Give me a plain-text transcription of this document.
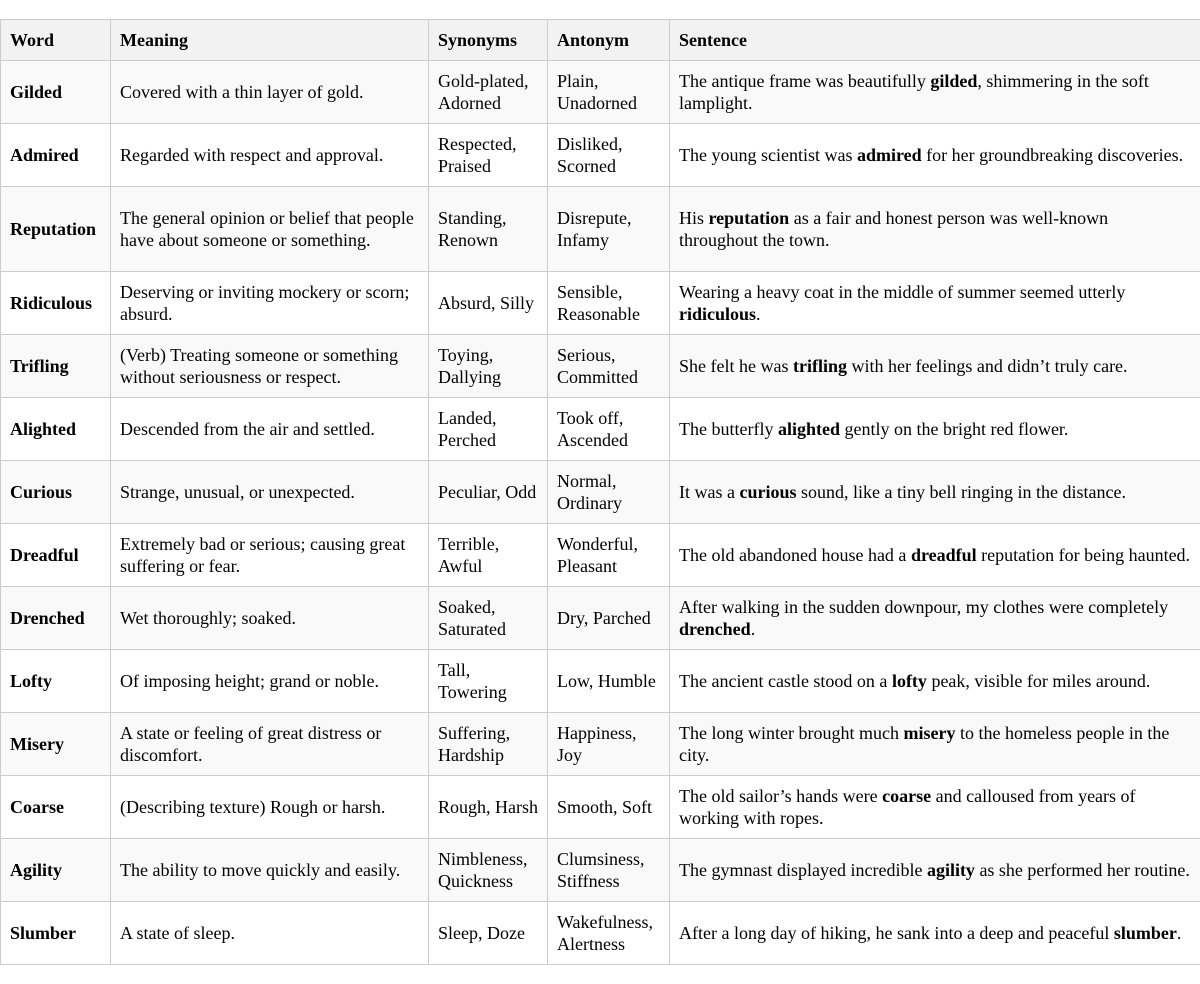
Word	Meaning	Synonyms	Antonym	Sentence
Gilded	Covered with a thin layer of gold.	Gold-plated, Adorned	Plain, Unadorned	The antique frame was beautifully gilded, shimmering in the soft lamplight.
Admired	Regarded with respect and approval.	Respected, Praised	Disliked, Scorned	The young scientist was admired for her groundbreaking discoveries.
Reputation	The general opinion or belief that people have about someone or something.	Standing, Renown	Disrepute, Infamy	His reputation as a fair and honest person was well-known throughout the town.
Ridiculous	Deserving or inviting mockery or scorn; absurd.	Absurd, Silly	Sensible, Reasonable	Wearing a heavy coat in the middle of summer seemed utterly ridiculous.
Trifling	(Verb) Treating someone or something without seriousness or respect.	Toying, Dallying	Serious, Committed	She felt he was trifling with her feelings and didn’t truly care.
Alighted	Descended from the air and settled.	Landed, Perched	Took off, Ascended	The butterfly alighted gently on the bright red flower.
Curious	Strange, unusual, or unexpected.	Peculiar, Odd	Normal, Ordinary	It was a curious sound, like a tiny bell ringing in the distance.
Dreadful	Extremely bad or serious; causing great suffering or fear.	Terrible, Awful	Wonderful, Pleasant	The old abandoned house had a dreadful reputation for being haunted.
Drenched	Wet thoroughly; soaked.	Soaked, Saturated	Dry, Parched	After walking in the sudden downpour, my clothes were completely drenched.
Lofty	Of imposing height; grand or noble.	Tall, Towering	Low, Humble	The ancient castle stood on a lofty peak, visible for miles around.
Misery	A state or feeling of great distress or discomfort.	Suffering, Hardship	Happiness, Joy	The long winter brought much misery to the homeless people in the city.
Coarse	(Describing texture) Rough or harsh.	Rough, Harsh	Smooth, Soft	The old sailor’s hands were coarse and calloused from years of working with ropes.
Agility	The ability to move quickly and easily.	Nimbleness, Quickness	Clumsiness, Stiffness	The gymnast displayed incredible agility as she performed her routine.
Slumber	A state of sleep.	Sleep, Doze	Wakefulness, Alertness	After a long day of hiking, he sank into a deep and peaceful slumber.
